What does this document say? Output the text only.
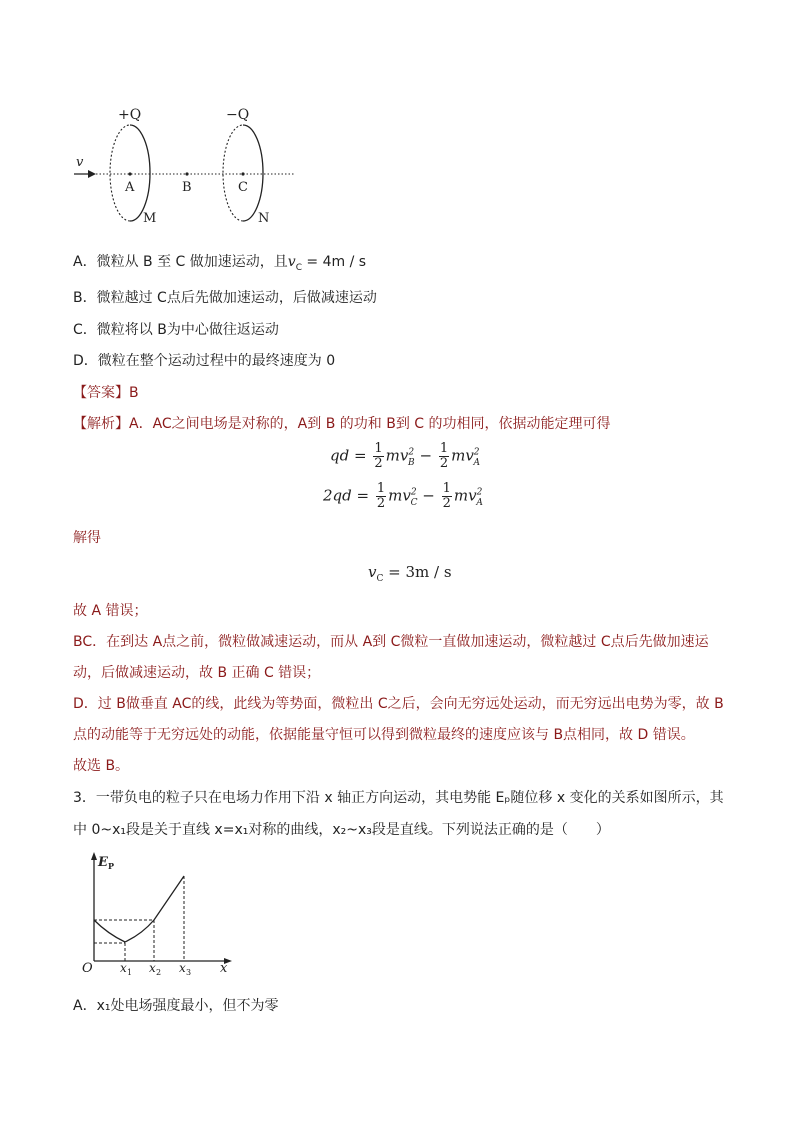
+Q	−Q
v
A	B	C
M	N
A．微粒从 B 至 C 做加速运动，且$v_C = 4m / s$
B．微粒越过 C点后先做加速运动，后做减速运动
C．微粒将以 B为中心做往返运动
D．微粒在整个运动过程中的最终速度为 0
【答案】B
【解析】A．AC之间电场是对称的，A到 B 的功和 B到 C 的功相同，依据动能定理可得
qd = $\frac{1}{2} mv^2_B - \frac{1}{2} mv^2_A$
$2qd = \frac{1}{2} mv^2_C - \frac{1}{2} mv^2_A$
解得
$v_C = 3m / s$
故 A 错误；
BC．在到达 A点之前，微粒做减速运动，而从 A到 C微粒一直做加速运动，微粒越过 C点后先做加速运
动，后做减速运动，故 B 正确 C 错误；
D．过 B做垂直 AC的线，此线为等势面，微粒出 C之后，会向无穷远处运动，而无穷远出电势为零，故 B
点的动能等于无穷远处的动能，依据能量守恒可以得到微粒最终的速度应该与 B点相同，故 D 错误。
故选 B。
3．一带负电的粒子只在电场力作用下沿 x 轴正方向运动，其电势能 Eₚ随位移 x 变化的关系如图所示，其
中 0~x₁段是关于直线 x=x₁对称的曲线，x₂~x₃段是直线。下列说法正确的是（　　）
E P
O x 1 x 2 x 3 x
A．x₁处电场强度最小，但不为零
